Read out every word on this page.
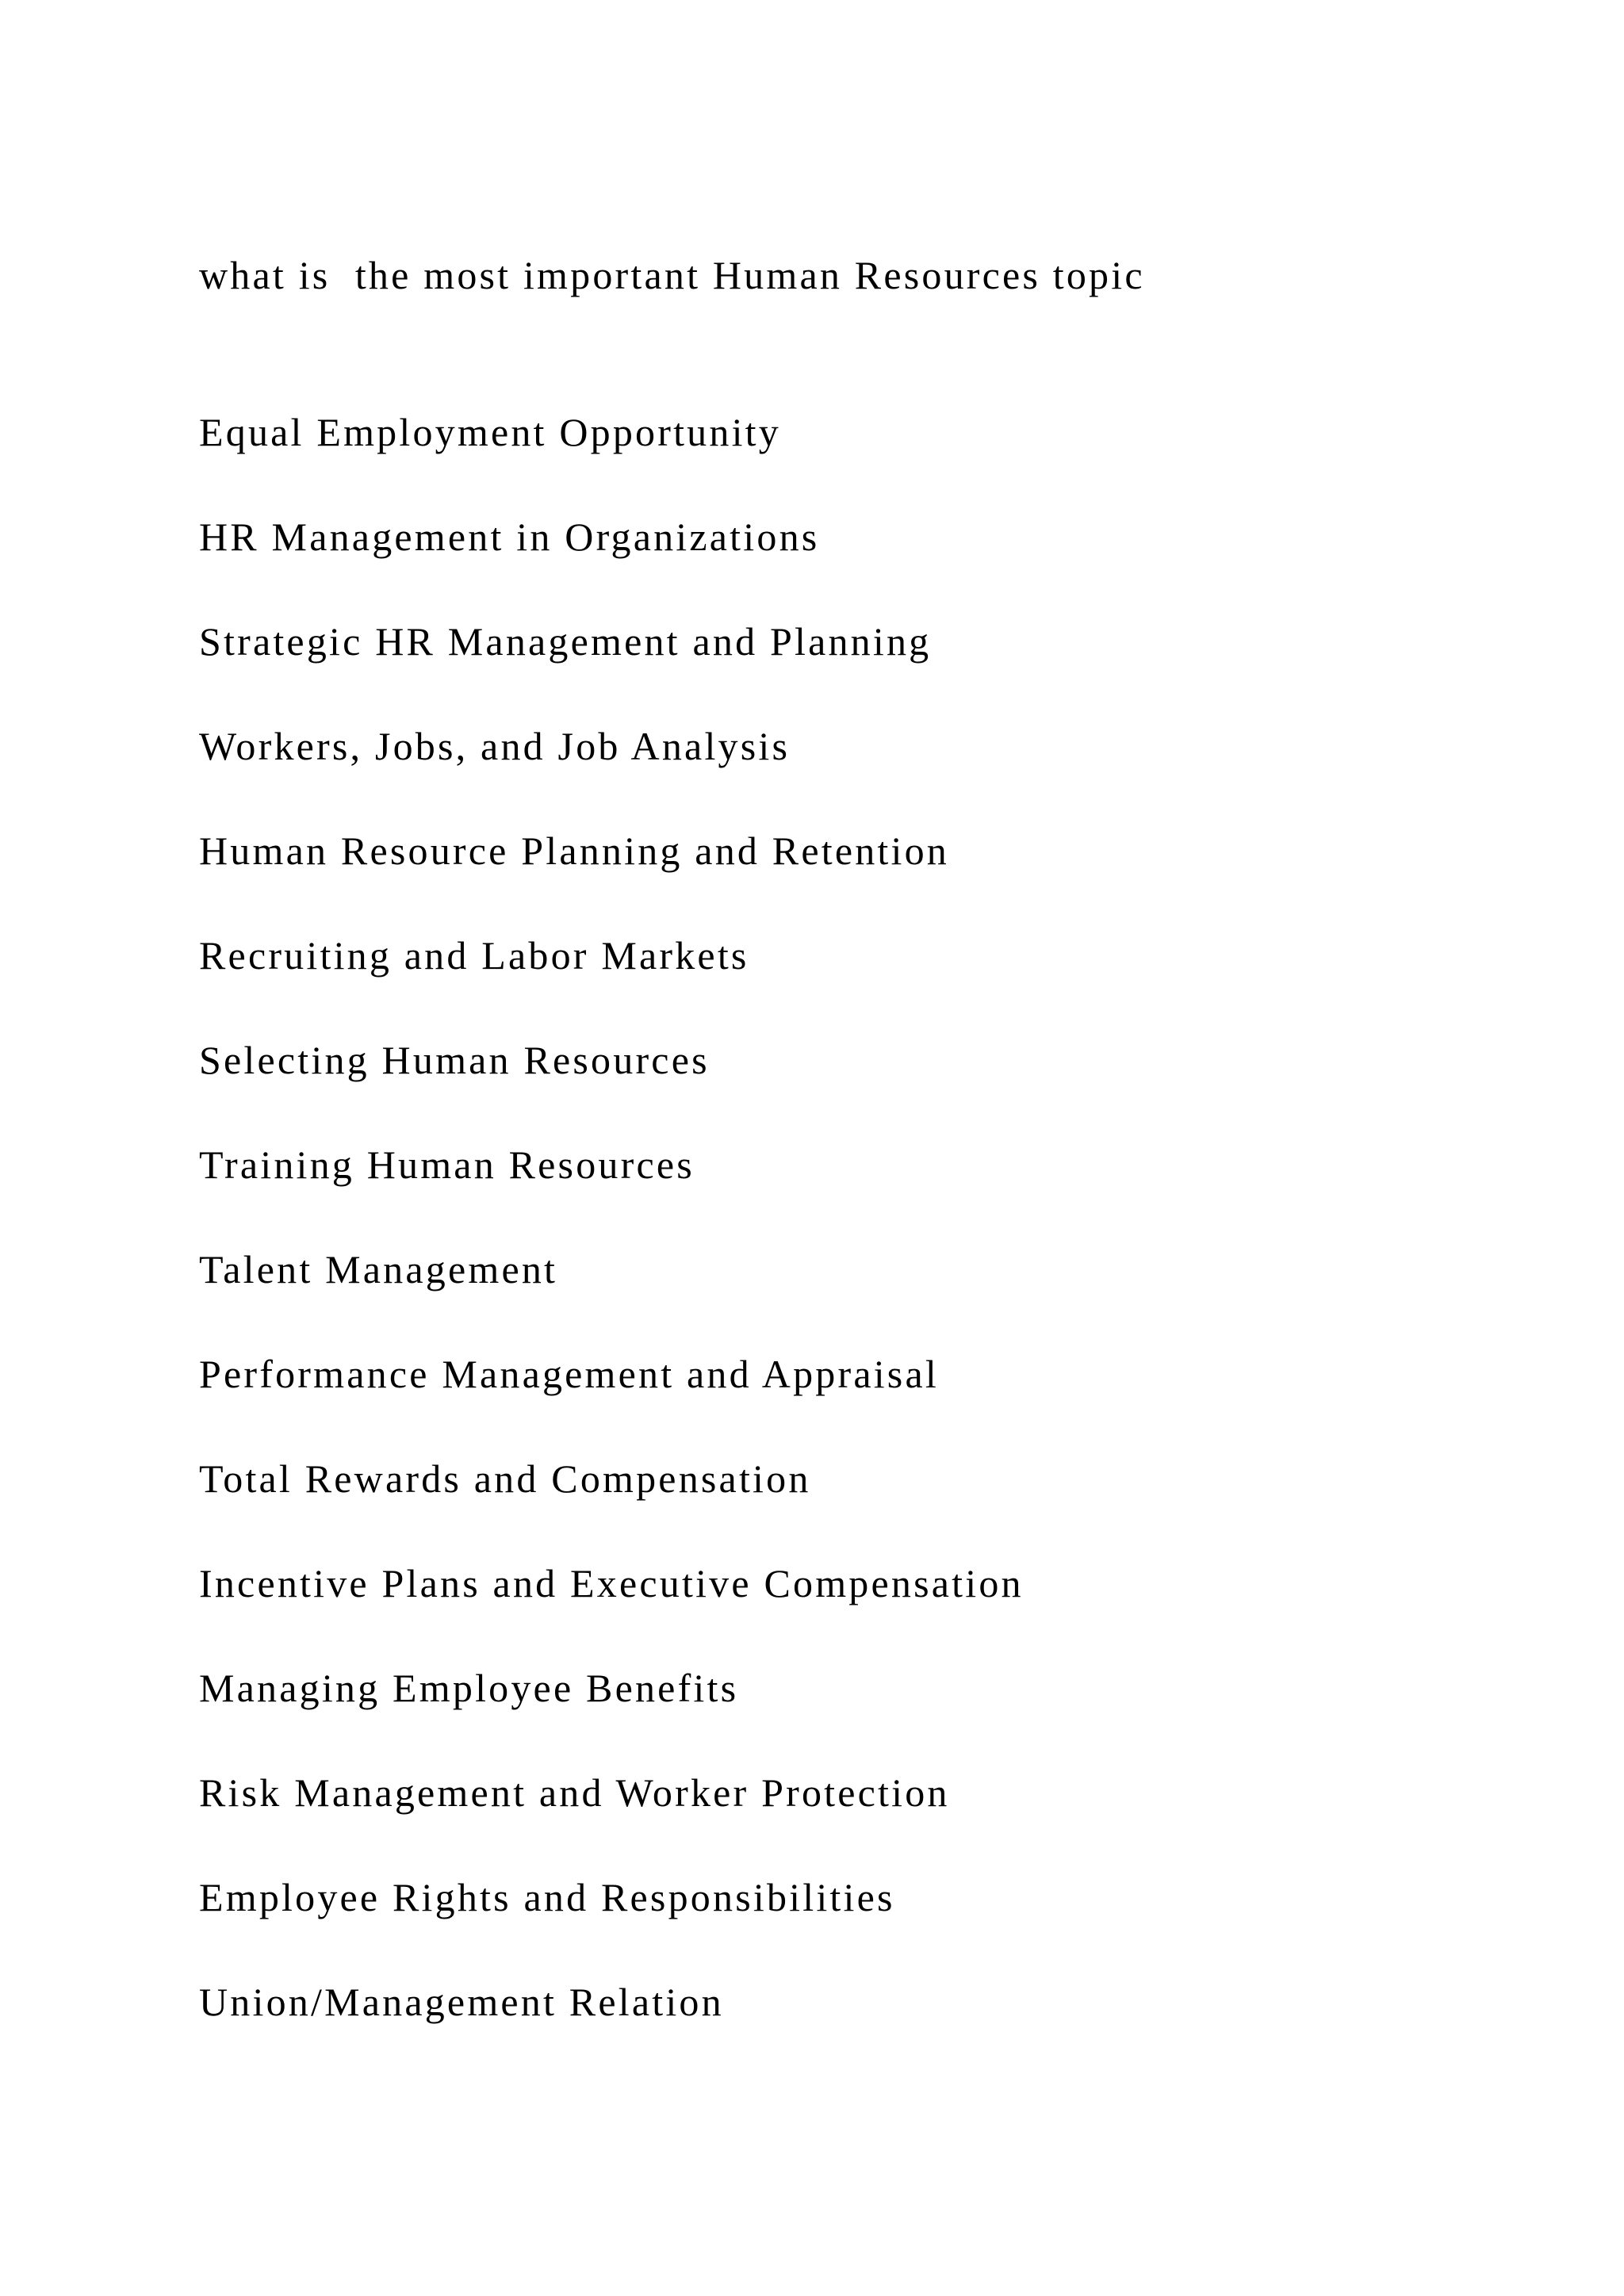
what is  the most important Human Resources topic

Equal Employment Opportunity
HR Management in Organizations
Strategic HR Management and Planning
Workers, Jobs, and Job Analysis
Human Resource Planning and Retention
Recruiting and Labor Markets
Selecting Human Resources
Training Human Resources
Talent Management
Performance Management and Appraisal
Total Rewards and Compensation
Incentive Plans and Executive Compensation
Managing Employee Benefits
Risk Management and Worker Protection
Employee Rights and Responsibilities
Union/Management Relation
